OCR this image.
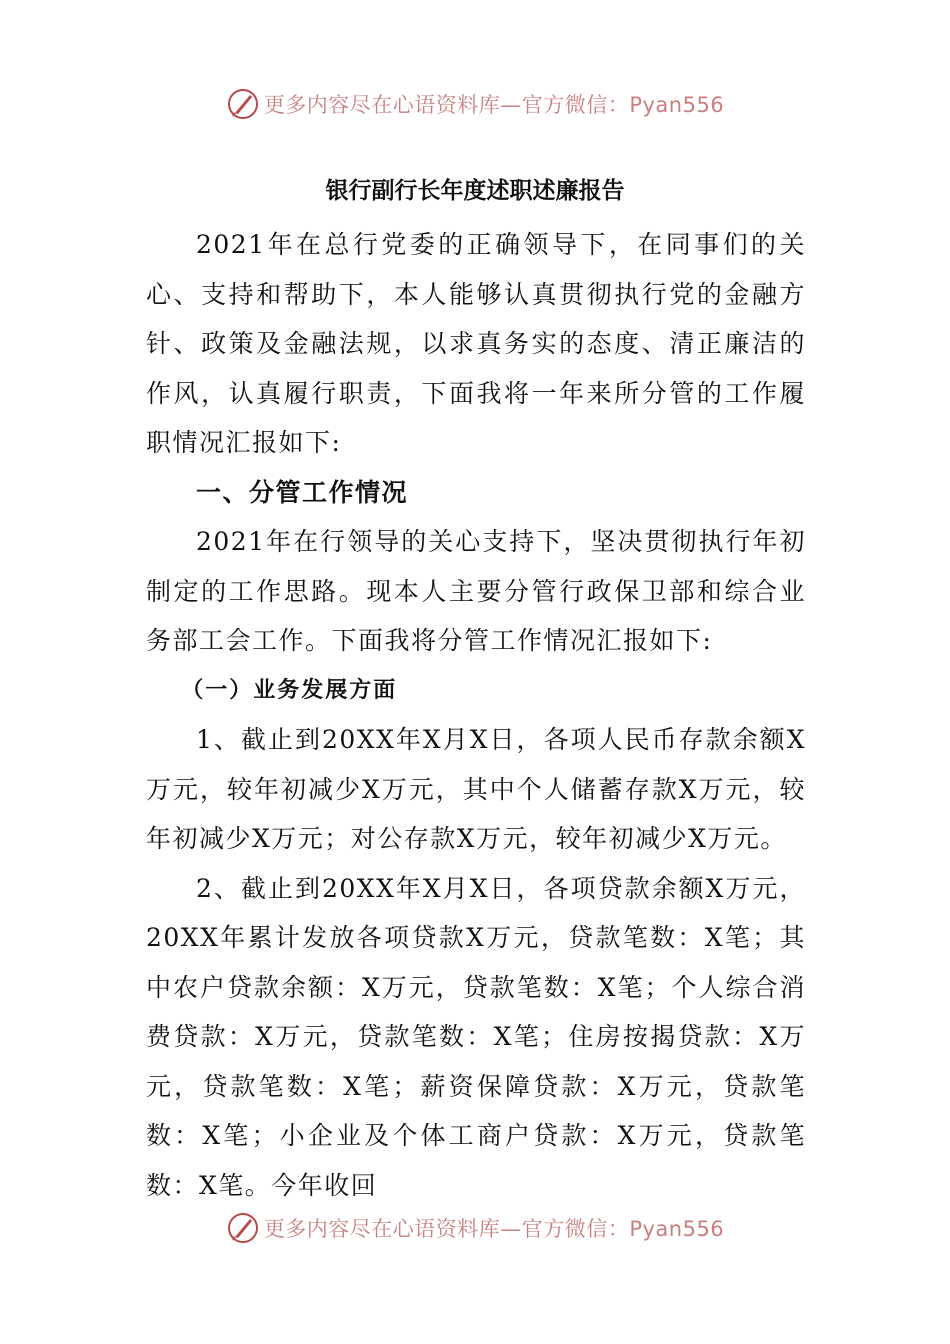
更多内容尽在心语资料库—官方微信：Pyan556
银行副行长年度述职述廉报告

2021年在总行党委的正确领导下，在同事们的关心、支持和帮助下，本人能够认真贯彻执行党的金融方针、政策及金融法规，以求真务实的态度、清正廉洁的作风，认真履行职责，下面我将一年来所分管的工作履职情况汇报如下:

一、分管工作情况

2021年在行领导的关心支持下，坚决贯彻执行年初制定的工作思路。现本人主要分管行政保卫部和综合业务部工会工作。下面我将分管工作情况汇报如下:

（一）业务发展方面

1、截止到20XX年X月X日，各项人民币存款余额X万元，较年初减少X万元，其中个人储蓄存款X万元，较年初减少X万元；对公存款X万元，较年初减少X万元。

2、截止到20XX年X月X日，各项贷款余额X万元，20XX年累计发放各项贷款X万元，贷款笔数：X笔；其中农户贷款余额：X万元，贷款笔数：X笔；个人综合消费贷款：X万元，贷款笔数：X笔；住房按揭贷款：X万元，贷款笔数：X笔；薪资保障贷款：X万元，贷款笔数：X笔；小企业及个体工商户贷款：X万元，贷款笔数：X笔。今年收回

更多内容尽在心语资料库—官方微信：Pyan556
